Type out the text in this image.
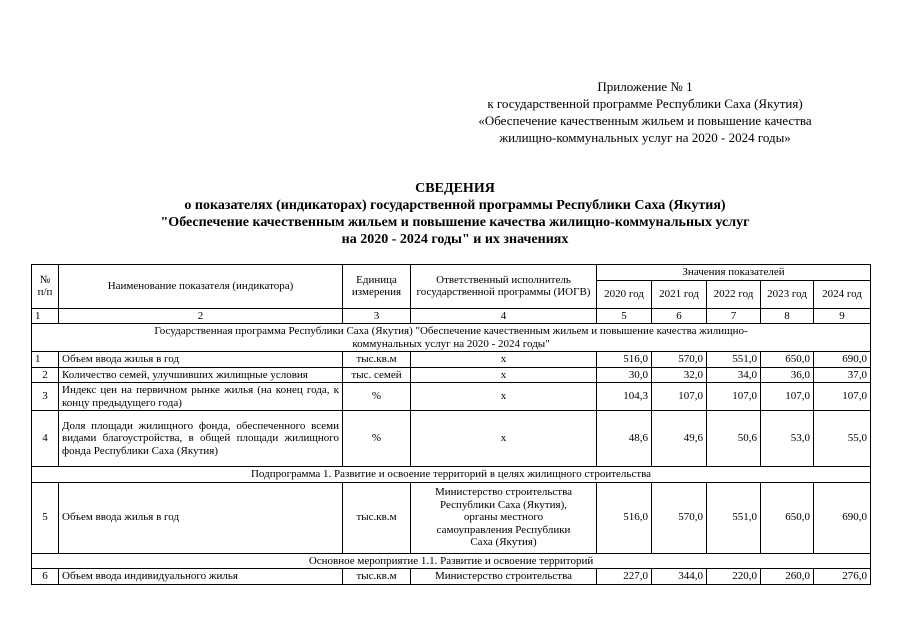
Приложение № 1
к государственной программе Республики Саха (Якутия)
«Обеспечение качественным жильем и повышение качества
жилищно-коммунальных услуг на 2020 - 2024 годы»
СВЕДЕНИЯ
о показателях (индикаторах) государственной программы Республики Саха (Якутия)
"Обеспечение качественным жильем и повышение качества жилищно-коммунальных услуг
на 2020 - 2024 годы" и их значениях
№ п/п	Наименование показателя (индикатора)	Единица измерения	Ответственный исполнитель государственной программы (ИОГВ)	Значения показателей				
				2020 год	2021 год	2022 год	2023 год	2024 год
1	2	3	4	5	6	7	8	9
Государственная программа Республики Саха (Якутия) "Обеспечение качественным жильем и повышение качества жилищно-коммунальных услуг на 2020 - 2024 годы"								
1	Объем ввода жилья в год	тыс.кв.м	х	516,0	570,0	551,0	650,0	690,0
2	Количество семей, улучшивших жилищные условия	тыс. семей	х	30,0	32,0	34,0	36,0	37,0
3	Индекс цен на первичном рынке жилья (на конец года, к концу предыдущего года)	%	х	104,3	107,0	107,0	107,0	107,0
4	Доля площади жилищного фонда, обеспеченного всеми видами благоустройства, в общей площади жилищного фонда Республики Саха (Якутия)	%	х	48,6	49,6	50,6	53,0	55,0
Подпрограмма 1. Развитие и освоение территорий в целях жилищного строительства								
5	Объем ввода жилья в год	тыс.кв.м	Министерство строительства Республики Саха (Якутия), органы местного самоуправления Республики Саха (Якутия)	516,0	570,0	551,0	650,0	690,0
Основное мероприятие 1.1. Развитие и освоение территорий								
6	Объем ввода индивидуального жилья	тыс.кв.м	Министерство строительства	227,0	344,0	220,0	260,0	276,0
